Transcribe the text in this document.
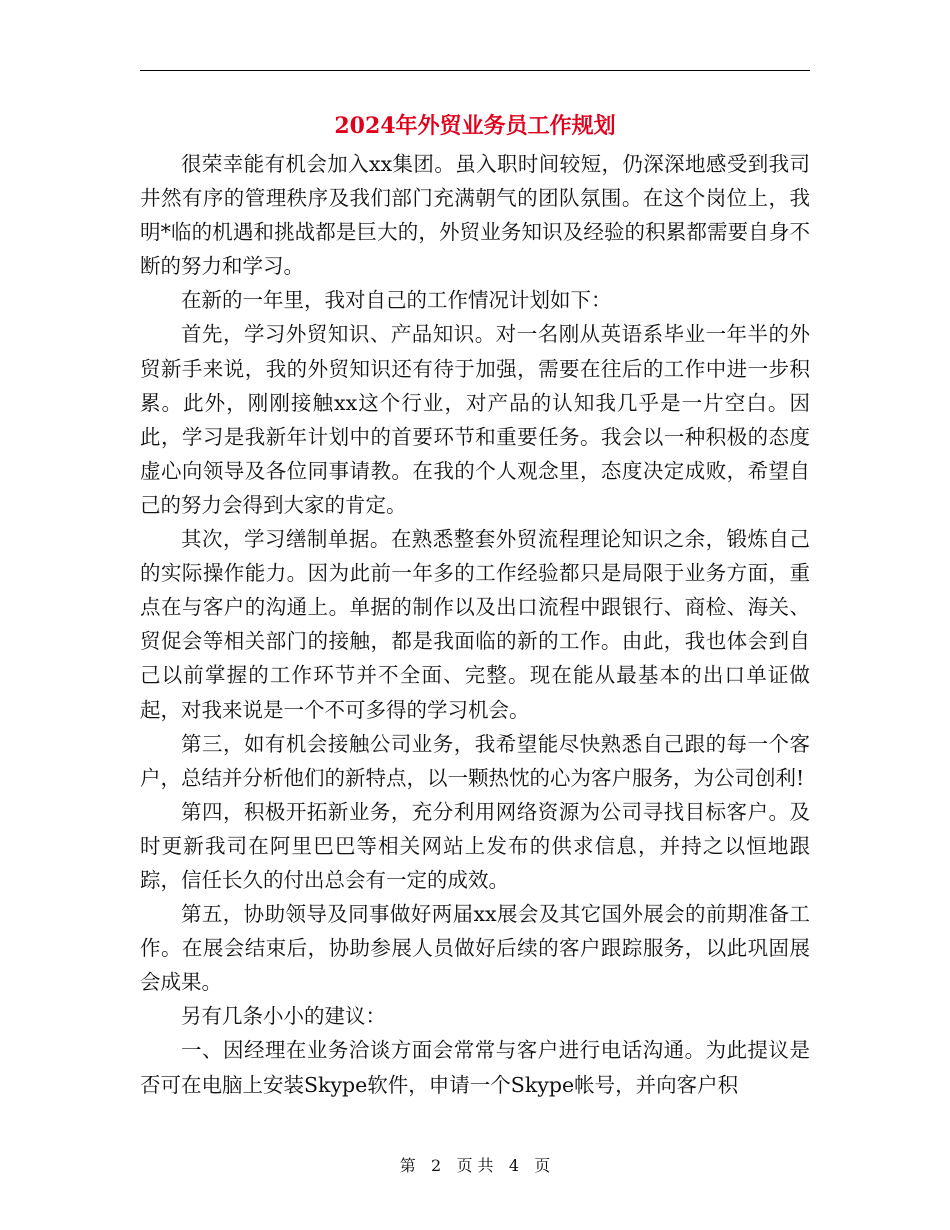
2024年外贸业务员工作规划

很荣幸能有机会加入xx集团。虽入职时间较短，仍深深地感受到我司井然有序的管理秩序及我们部门充满朝气的团队氛围。在这个岗位上，我明*临的机遇和挑战都是巨大的，外贸业务知识及经验的积累都需要自身不断的努力和学习。

在新的一年里，我对自己的工作情况计划如下：

首先，学习外贸知识、产品知识。对一名刚从英语系毕业一年半的外贸新手来说，我的外贸知识还有待于加强，需要在往后的工作中进一步积累。此外，刚刚接触xx这个行业，对产品的认知我几乎是一片空白。因此，学习是我新年计划中的首要环节和重要任务。我会以一种积极的态度虚心向领导及各位同事请教。在我的个人观念里，态度决定成败，希望自己的努力会得到大家的肯定。

其次，学习缮制单据。在熟悉整套外贸流程理论知识之余，锻炼自己的实际操作能力。因为此前一年多的工作经验都只是局限于业务方面，重点在与客户的沟通上。单据的制作以及出口流程中跟银行、商检、海关、贸促会等相关部门的接触，都是我面临的新的工作。由此，我也体会到自己以前掌握的工作环节并不全面、完整。现在能从最基本的出口单证做起，对我来说是一个不可多得的学习机会。

第三，如有机会接触公司业务，我希望能尽快熟悉自己跟的每一个客户，总结并分析他们的新特点，以一颗热忱的心为客户服务，为公司创利!

第四，积极开拓新业务，充分利用网络资源为公司寻找目标客户。及时更新我司在阿里巴巴等相关网站上发布的供求信息，并持之以恒地跟踪，信任长久的付出总会有一定的成效。

第五，协助领导及同事做好两届xx展会及其它国外展会的前期准备工作。在展会结束后，协助参展人员做好后续的客户跟踪服务，以此巩固展会成果。

另有几条小小的建议：

一、因经理在业务洽谈方面会常常与客户进行电话沟通。为此提议是否可在电脑上安装Skype软件，申请一个Skype帐号，并向客户积

第 2 页 共 4 页
